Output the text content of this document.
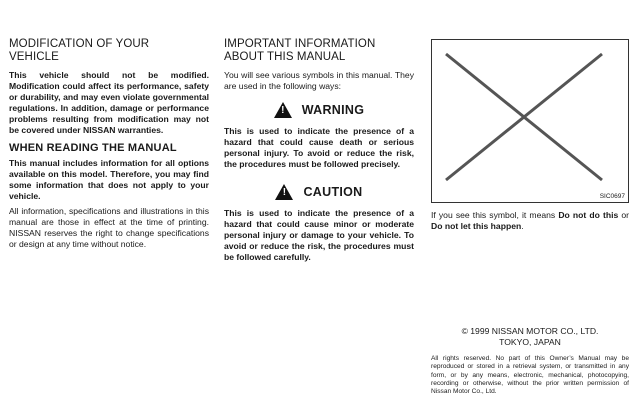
MODIFICATION OF YOUR
VEHICLE

This vehicle should not be modified. Modification could affect its performance, safety or durability, and may even violate governmental regulations. In addition, damage or performance problems resulting from modification may not be covered under NISSAN warranties.

WHEN READING THE MANUAL

This manual includes information for all options available on this model. Therefore, you may find some information that does not apply to your vehicle.

All information, specifications and illustrations in this manual are those in effect at the time of printing. NISSAN reserves the right to change specifications or design at any time without notice.

IMPORTANT INFORMATION
ABOUT THIS MANUAL

You will see various symbols in this manual. They are used in the following ways:

! WARNING

This is used to indicate the presence of a hazard that could cause death or serious personal injury. To avoid or reduce the risk, the procedures must be followed precisely.

! CAUTION

This is used to indicate the presence of a hazard that could cause minor or moderate personal injury or damage to your vehicle. To avoid or reduce the risk, the procedures must be followed carefully.

SIC0697

If you see this symbol, it means Do not do this or Do not let this happen.

© 1999 NISSAN MOTOR CO., LTD.

TOKYO, JAPAN

All rights reserved. No part of this Owner’s Manual may be reproduced or stored in a retrieval system, or transmitted in any form, or by any means, electronic, mechanical, photocopying, recording or otherwise, without the prior written permission of Nissan Motor Co., Ltd.
